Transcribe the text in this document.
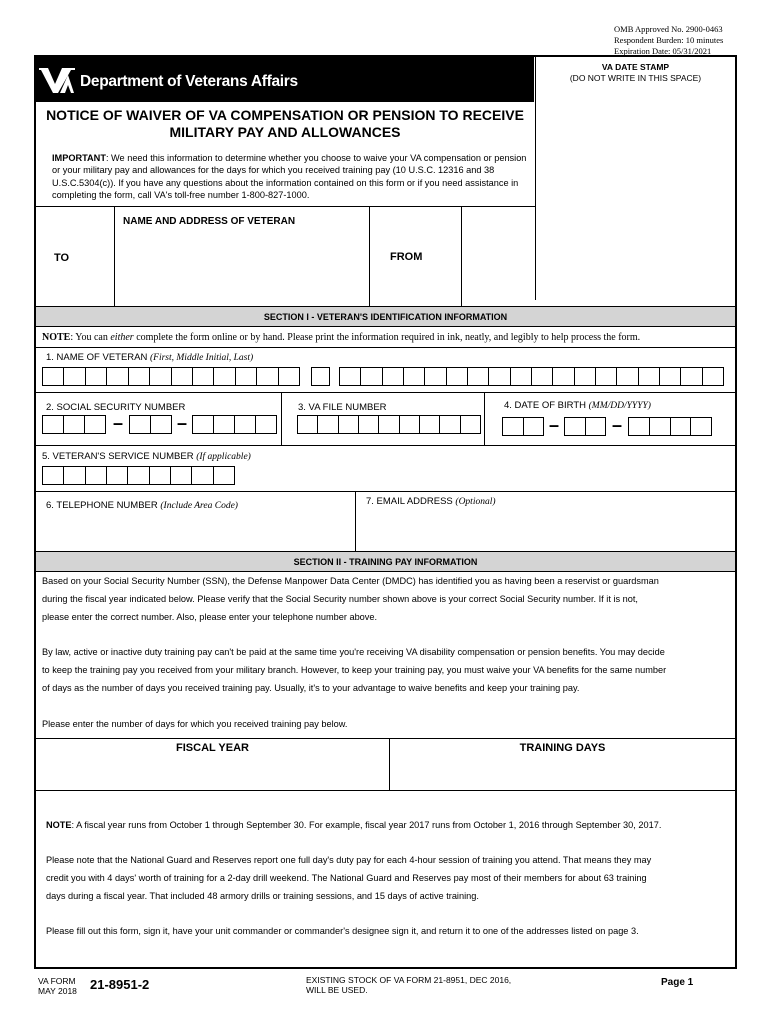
OMB Approved No. 2900-0463
Respondent Burden: 10 minutes
Expiration Date: 05/31/2021
Department of Veterans Affairs
VA DATE STAMP
(DO NOT WRITE IN THIS SPACE)
NOTICE OF WAIVER OF VA COMPENSATION OR PENSION TO RECEIVE
MILITARY PAY AND ALLOWANCES
IMPORTANT: We need this information to determine whether you choose to waive your VA compensation or pension or your military pay and allowances for the days for which you received training pay (10 U.S.C. 12316 and 38 U.S.C.5304(c)). If you have any questions about the information contained on this form or if you need assistance in completing the form, call VA's toll-free number 1-800-827-1000.
TO
NAME AND ADDRESS OF VETERAN
FROM
SECTION I - VETERAN'S IDENTIFICATION INFORMATION
NOTE: You can either complete the form online or by hand. Please print the information required in ink, neatly, and legibly to help process the form.
1. NAME OF VETERAN (First, Middle Initial, Last)
2. SOCIAL SECURITY NUMBER
–	–
3. VA FILE NUMBER	4. DATE OF BIRTH (MM/DD/YYYY)
–	–
5. VETERAN'S SERVICE NUMBER (If applicable)
6. TELEPHONE NUMBER (Include Area Code)	7. EMAIL ADDRESS (Optional)
SECTION II - TRAINING PAY INFORMATION
Based on your Social Security Number (SSN), the Defense Manpower Data Center (DMDC) has identified you as having been a reservist or guardsman
during the fiscal year indicated below. Please verify that the Social Security number shown above is your correct Social Security number. If it is not,
please enter the correct number. Also, please enter your telephone number above.
By law, active or inactive duty training pay can't be paid at the same time you're receiving VA disability compensation or pension benefits. You may decide
to keep the training pay you received from your military branch. However, to keep your training pay, you must waive your VA benefits for the same number
of days as the number of days you received training pay. Usually, it's to your advantage to waive benefits and keep your training pay.
Please enter the number of days for which you received training pay below.
FISCAL YEAR	TRAINING DAYS
NOTE: A fiscal year runs from October 1 through September 30. For example, fiscal year 2017 runs from October 1, 2016 through September 30, 2017.
Please note that the National Guard and Reserves report one full day's duty pay for each 4-hour session of training you attend. That means they may
credit you with 4 days' worth of training for a 2-day drill weekend. The National Guard and Reserves pay most of their members for about 63 training
days during a fiscal year. That included 48 armory drills or training sessions, and 15 days of active training.
Please fill out this form, sign it, have your unit commander or commander's designee sign it, and return it to one of the addresses listed on page 3.
VA FORM
MAY 2018 21-8951-2	EXISTING STOCK OF VA FORM 21-8951, DEC 2016,
WILL BE USED.
Page 1
